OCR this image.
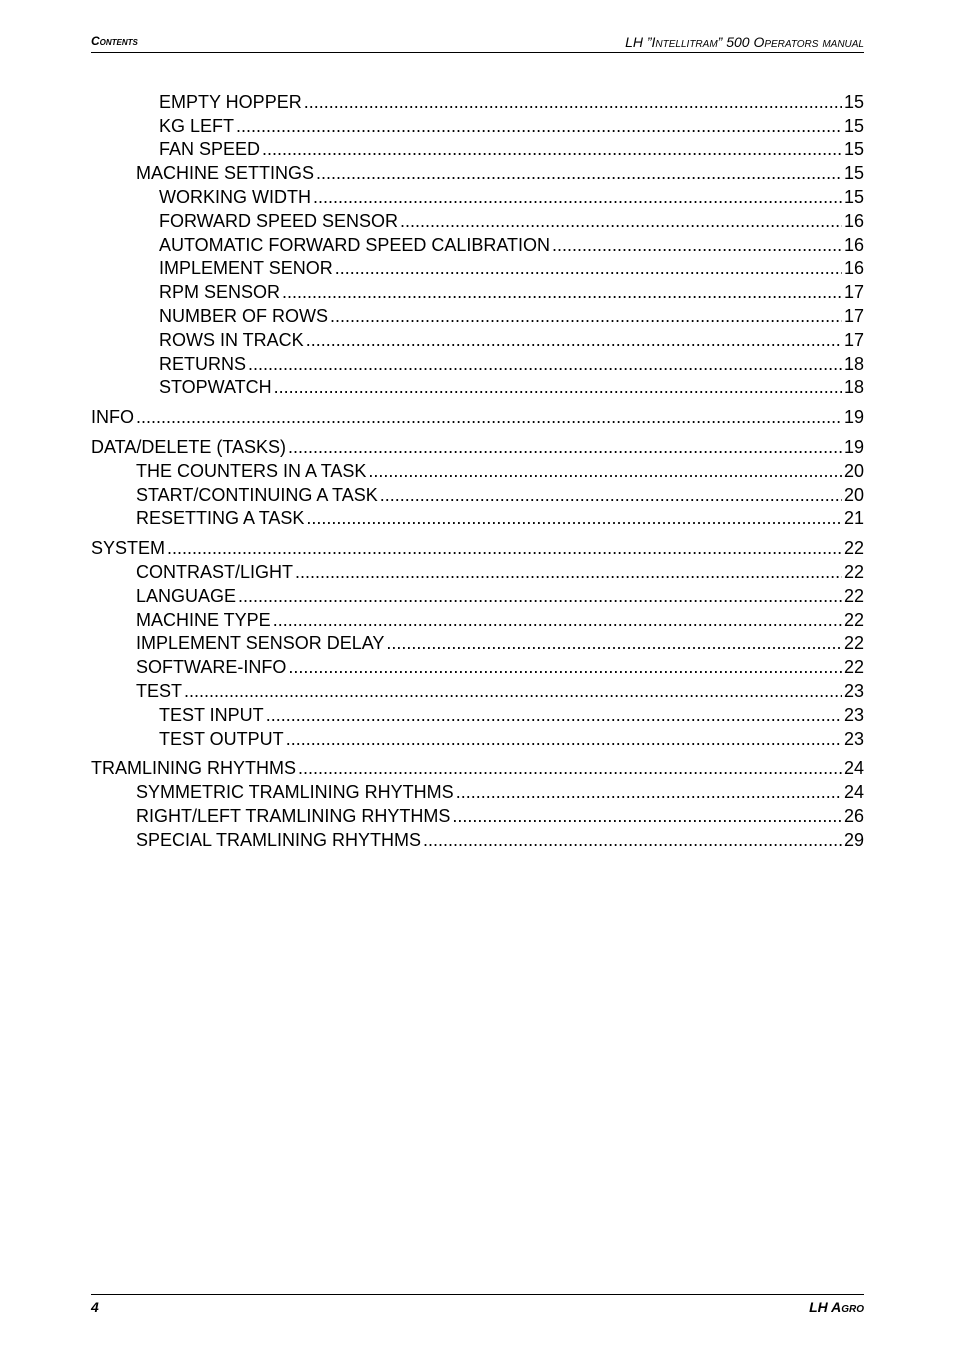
Contents	LH ”Intellitram” 500 Operators manual
EMPTY HOPPER .....	15
KG LEFT .....	15
FAN SPEED .....	15
MACHINE SETTINGS .....	15
WORKING WIDTH .....	15
FORWARD SPEED SENSOR .....	16
AUTOMATIC FORWARD SPEED CALIBRATION .....	16
IMPLEMENT SENOR .....	16
RPM SENSOR .....	17
NUMBER OF ROWS .....	17
ROWS IN TRACK .....	17
RETURNS .....	18
STOPWATCH .....	18
INFO .....	19
DATA/DELETE (TASKS) .....	19
THE COUNTERS IN A TASK .....	20
START/CONTINUING A TASK .....	20
RESETTING A TASK .....	21
SYSTEM .....	22
CONTRAST/LIGHT .....	22
LANGUAGE .....	22
MACHINE TYPE .....	22
IMPLEMENT SENSOR DELAY .....	22
SOFTWARE-INFO .....	22
TEST .....	23
TEST INPUT .....	23
TEST OUTPUT .....	23
TRAMLINING RHYTHMS .....	24
SYMMETRIC TRAMLINING RHYTHMS .....	24
RIGHT/LEFT TRAMLINING RHYTHMS .....	26
SPECIAL TRAMLINING RHYTHMS .....	29
4	LH Agro
